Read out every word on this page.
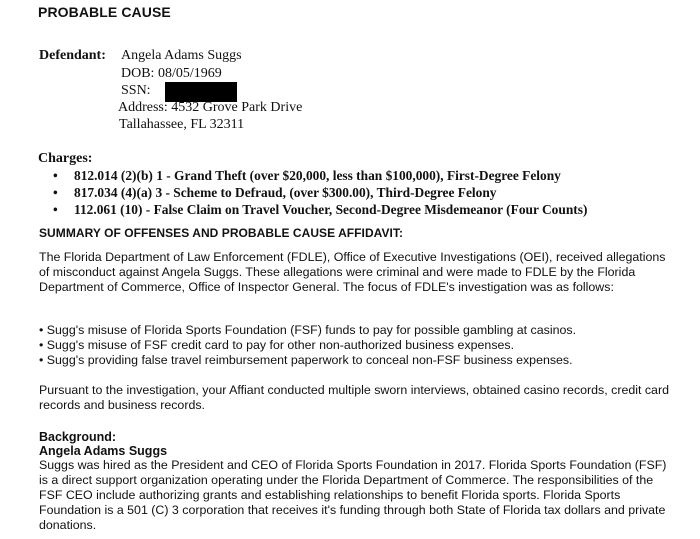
PROBABLE CAUSE
Defendant: Angela Adams Suggs
DOB: 08/05/1969
SSN:
Address: 4532 Grove Park Drive
Tallahassee, FL 32311
Charges:
• 812.014 (2)(b) 1 - Grand Theft (over $20,000, less than $100,000), First-Degree Felony
• 817.034 (4)(a) 3 - Scheme to Defraud, (over $300.00), Third-Degree Felony
• 112.061 (10) - False Claim on Travel Voucher, Second-Degree Misdemeanor (Four Counts)
SUMMARY OF OFFENSES AND PROBABLE CAUSE AFFIDAVIT:
The Florida Department of Law Enforcement (FDLE), Office of Executive Investigations (OEI), received allegations of misconduct against Angela Suggs. These allegations were criminal and were made to FDLE by the Florida Department of Commerce, Office of Inspector General. The focus of FDLE's investigation was as follows:
• Sugg's misuse of Florida Sports Foundation (FSF) funds to pay for possible gambling at casinos.
• Sugg's misuse of FSF credit card to pay for other non-authorized business expenses.
• Sugg's providing false travel reimbursement paperwork to conceal non-FSF business expenses.
Pursuant to the investigation, your Affiant conducted multiple sworn interviews, obtained casino records, credit card records and business records.
Background:
Angela Adams Suggs
Suggs was hired as the President and CEO of Florida Sports Foundation in 2017. Florida Sports Foundation (FSF) is a direct support organization operating under the Florida Department of Commerce. The responsibilities of the FSF CEO include authorizing grants and establishing relationships to benefit Florida sports. Florida Sports Foundation is a 501 (C) 3 corporation that receives it's funding through both State of Florida tax dollars and private donations.
